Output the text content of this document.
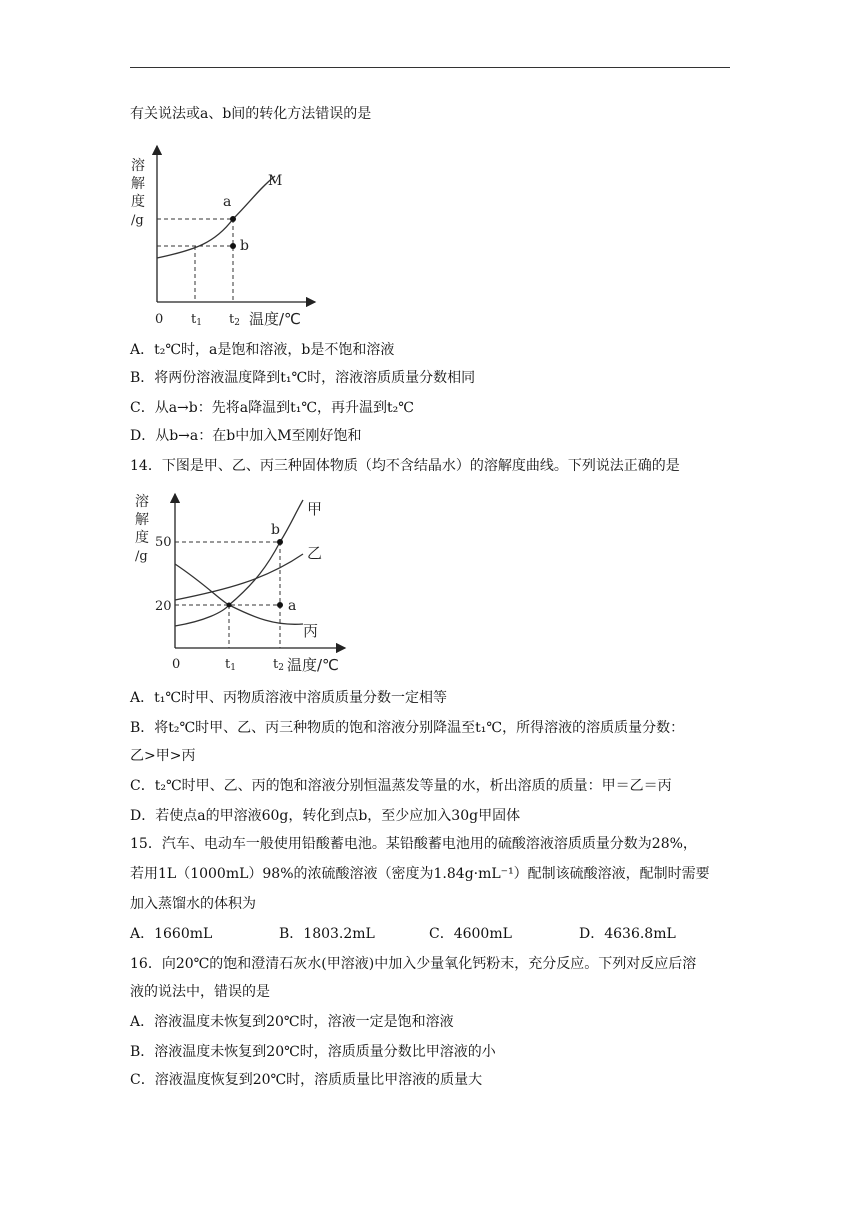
有关说法或a、b间的转化方法错误的是
溶
解
度
/g
a
b
M
0 t1 t2 温度/℃
A．t₂℃时，a是饱和溶液，b是不饱和溶液
B．将两份溶液温度降到t₁℃时，溶液溶质质量分数相同
C．从a→b：先将a降温到t₁℃，再升温到t₂℃
D．从b→a：在b中加入M至刚好饱和
14．下图是甲、乙、丙三种固体物质（均不含结晶水）的溶解度曲线。下列说法正确的是
溶
解
度
/g
50
20
b
a
甲
乙
丙
0	t1	t2 温度/℃
A．t₁℃时甲、丙物质溶液中溶质质量分数一定相等
B．将t₂℃时甲、乙、丙三种物质的饱和溶液分别降温至t₁℃，所得溶液的溶质质量分数：
乙>甲>丙
C．t₂℃时甲、乙、丙的饱和溶液分别恒温蒸发等量的水，析出溶质的质量：甲＝乙＝丙
D．若使点a的甲溶液60g，转化到点b，至少应加入30g甲固体
15．汽车、电动车一般使用铅酸蓄电池。某铅酸蓄电池用的硫酸溶液溶质质量分数为28%，
若用1L（1000mL）98%的浓硫酸溶液（密度为1.84g·mL⁻¹）配制该硫酸溶液，配制时需要
加入蒸馏水的体积为
A．1660mL	B．1803.2mL	C．4600mL	D．4636.8mL
16．向20℃的饱和澄清石灰水(甲溶液)中加入少量氧化钙粉末，充分反应。下列对反应后溶
液的说法中，错误的是
A．溶液温度未恢复到20℃时，溶液一定是饱和溶液
B．溶液温度未恢复到20℃时，溶质质量分数比甲溶液的小
C．溶液温度恢复到20℃时，溶质质量比甲溶液的质量大
